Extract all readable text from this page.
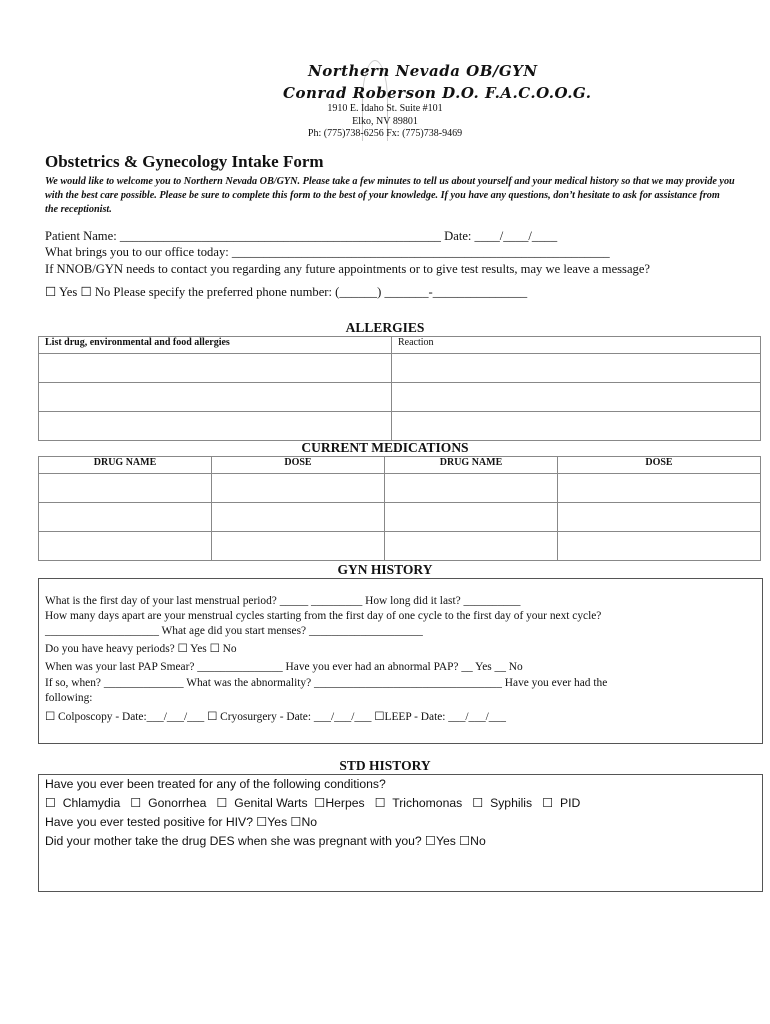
Northern Nevada OB/GYN
Conrad Roberson D.O. F.A.C.O.O.G.
1910 E. Idaho St. Suite #101
Elko, NV 89801
Ph: (775)738-6256 Fx: (775)738-9469
Obstetrics & Gynecology Intake Form
We would like to welcome you to Northern Nevada OB/GYN. Please take a few minutes to tell us about yourself and your medical history so that we may provide you with the best care possible. Please be sure to complete this form to the best of your knowledge. If you have any questions, don’t hesitate to ask for assistance from the receptionist.
Patient Name: ___________________________________________________ Date: ____/____/____
What brings you to our office today: ____________________________________________________________
If NNOB/GYN needs to contact you regarding any future appointments or to give test results, may we leave a message?
☐ Yes ☐ No Please specify the preferred phone number: (______) _______-_______________
ALLERGIES
List drug, environmental and food allergies	Reaction

CURRENT MEDICATIONS
DRUG NAME	DOSE	DRUG NAME	DOSE

GYN HISTORY
What is the first day of your last menstrual period? _____ _________ How long did it last? __________
How many days apart are your menstrual cycles starting from the first day of one cycle to the first day of your next cycle?
____________________ What age did you start menses? ____________________
Do you have heavy periods? ☐ Yes ☐ No
When was your last PAP Smear? _______________ Have you ever had an abnormal PAP? __ Yes __ No
If so, when? ______________ What was the abnormality? _________________________________ Have you ever had the
following:
☐ Colposcopy - Date:___/___/___ ☐ Cryosurgery - Date: ___/___/___ ☐LEEP - Date: ___/___/___
STD HISTORY
Have you ever been treated for any of the following conditions?
☐  Chlamydia   ☐  Gonorrhea   ☐  Genital Warts  ☐Herpes   ☐  Trichomonas   ☐  Syphilis   ☐  PID
Have you ever tested positive for HIV? ☐Yes ☐No
Did your mother take the drug DES when she was pregnant with you? ☐Yes ☐No
